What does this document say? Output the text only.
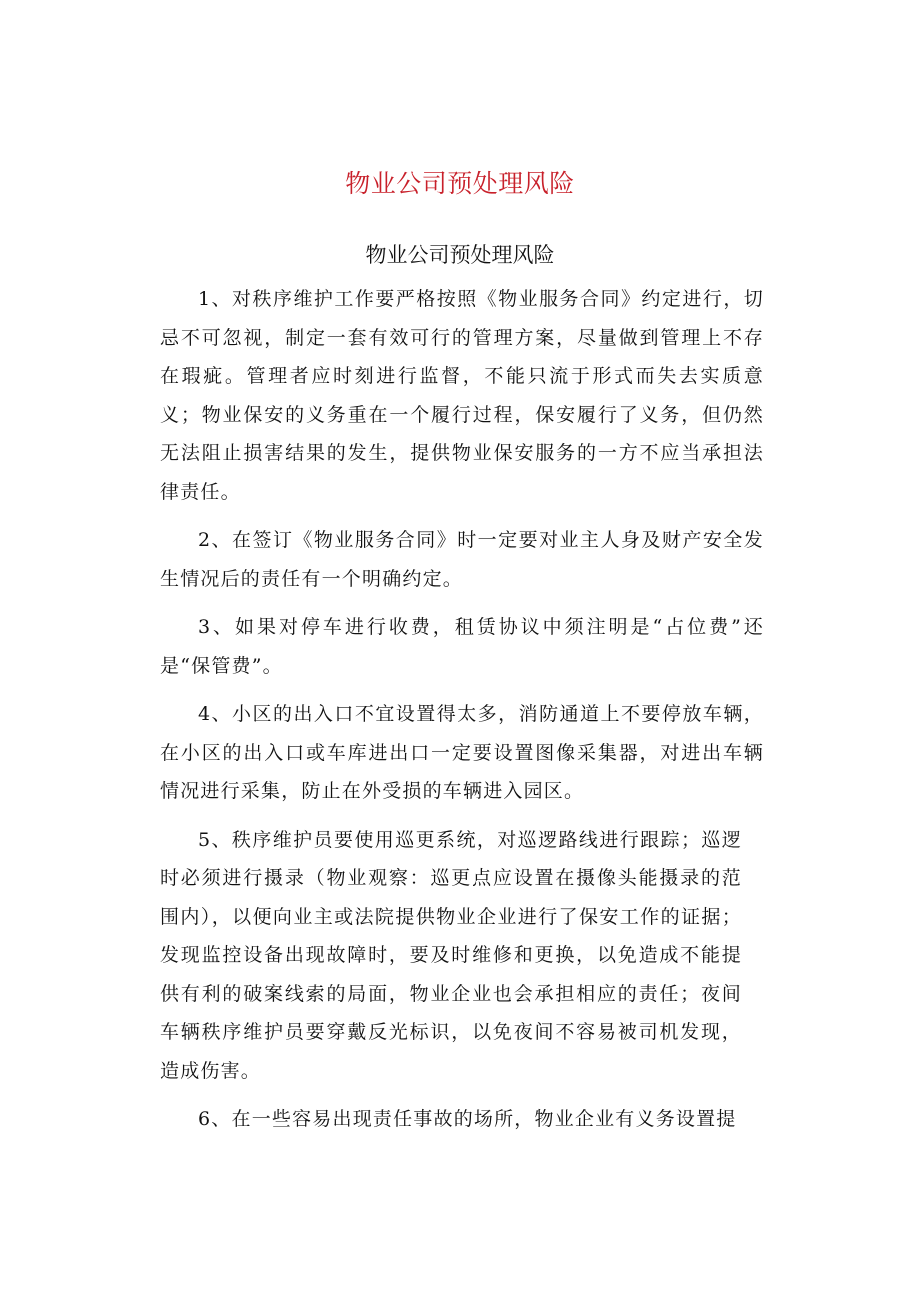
物业公司预处理风险
物业公司预处理风险

1、对秩序维护工作要严格按照《物业服务合同》约定进行，切忌不可忽视，制定一套有效可行的管理方案，尽量做到管理上不存在瑕疵。管理者应时刻进行监督，不能只流于形式而失去实质意义；物业保安的义务重在一个履行过程，保安履行了义务，但仍然无法阻止损害结果的发生，提供物业保安服务的一方不应当承担法律责任。

2、在签订《物业服务合同》时一定要对业主人身及财产安全发生情况后的责任有一个明确约定。

3、如果对停车进行收费，租赁协议中须注明是“占位费”还是“保管费”。

4、小区的出入口不宜设置得太多，消防通道上不要停放车辆，在小区的出入口或车库进出口一定要设置图像采集器，对进出车辆情况进行采集，防止在外受损的车辆进入园区。

5、秩序维护员要使用巡更系统，对巡逻路线进行跟踪；巡逻时必须进行摄录（物业观察：巡更点应设置在摄像头能摄录的范围内），以便向业主或法院提供物业企业进行了保安工作的证据；发现监控设备出现故障时，要及时维修和更换，以免造成不能提供有利的破案线索的局面，物业企业也会承担相应的责任；夜间车辆秩序维护员要穿戴反光标识，以免夜间不容易被司机发现，造成伤害。

6、在一些容易出现责任事故的场所，物业企业有义务设置提
